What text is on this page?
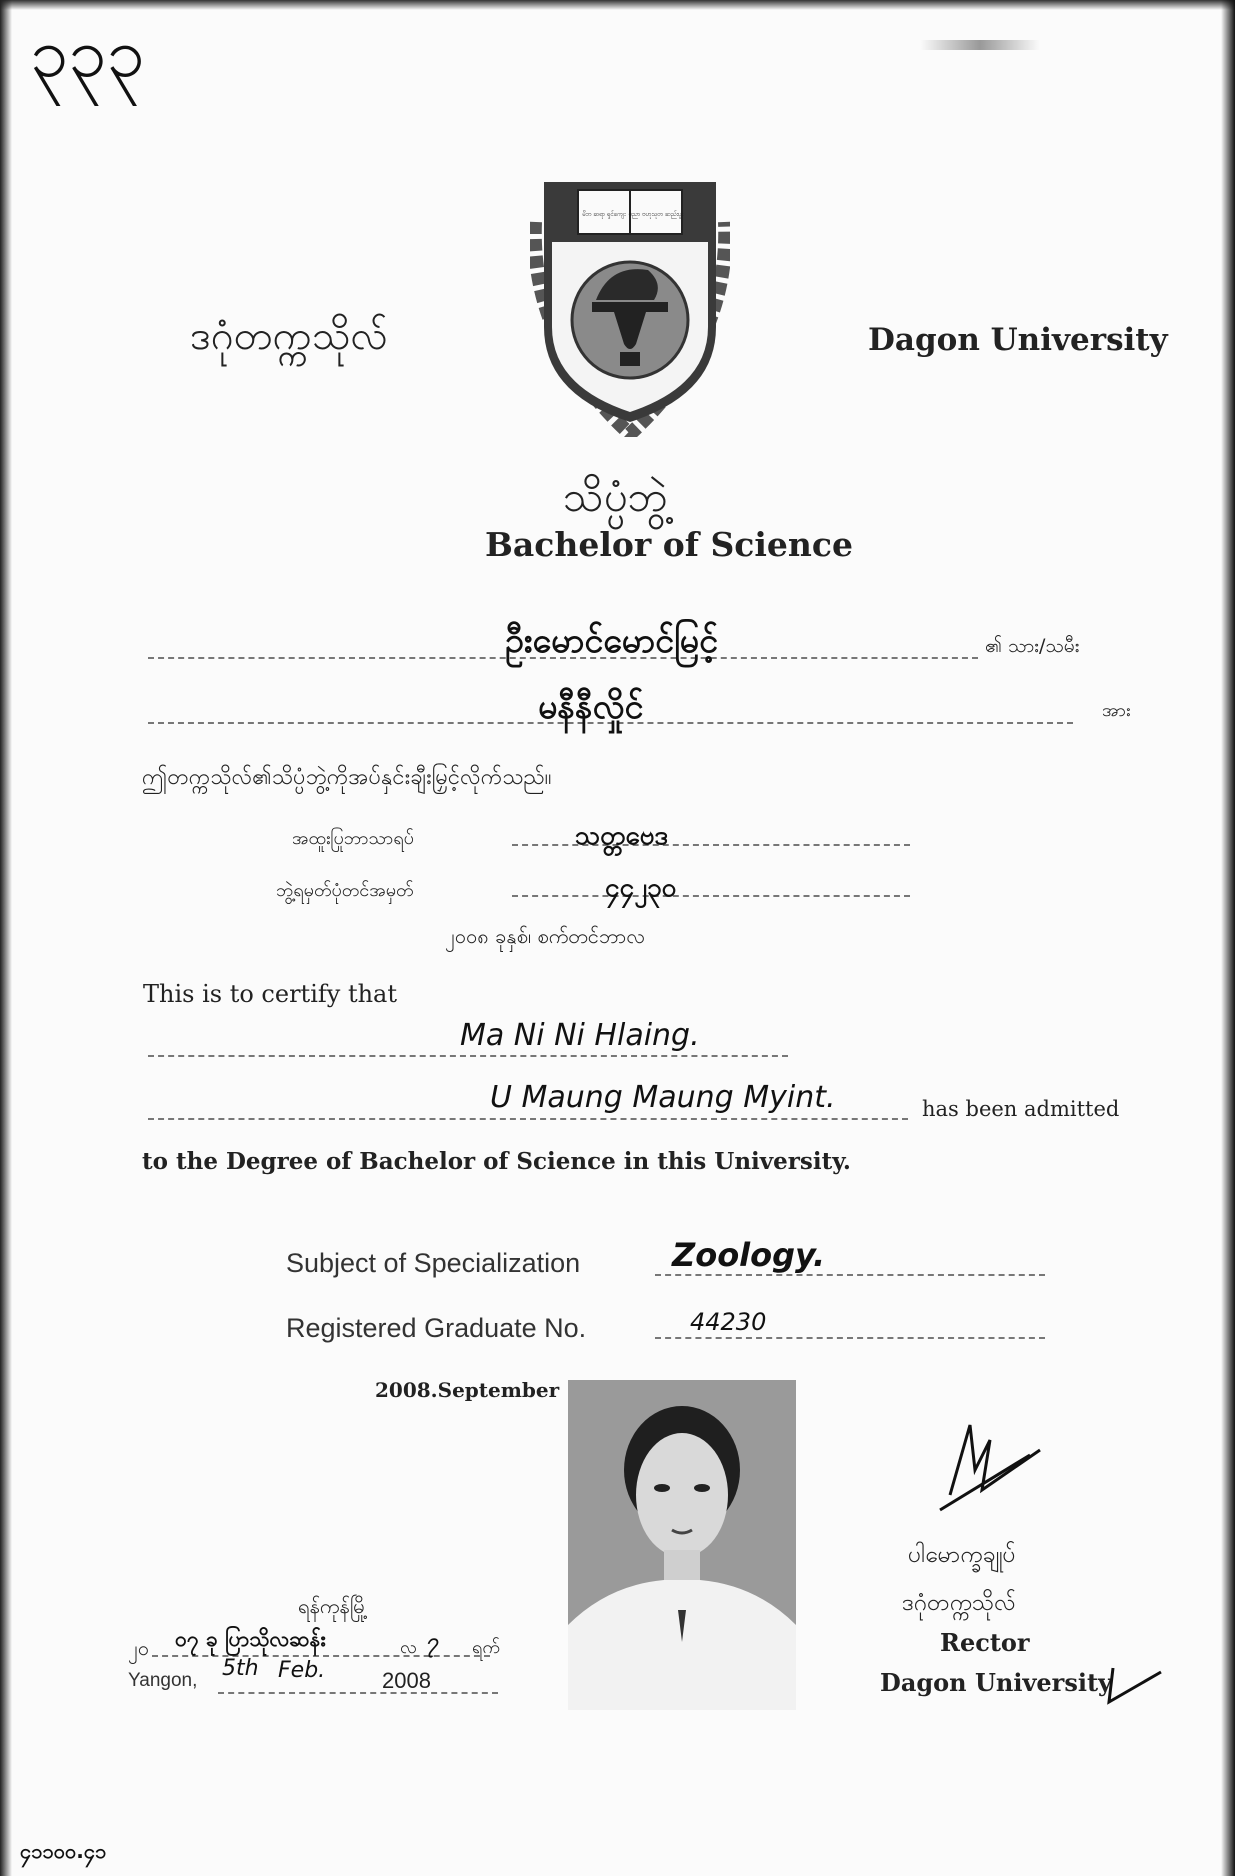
၃၃၃
ဒဂုံတက္ကသိုလ်	Dagon University
မိဘ ဆရာ ရှင်ကျေး ပညာ ဗဟုသုတ ဆည်းပူး
သိပ္ပံဘွဲ့
Bachelor of Science
ဦးမောင်မောင်မြင့်	၏ သား/သမီး
မနီနီလှိုင်	အား
ဤတက္ကသိုလ်၏သိပ္ပံဘွဲ့ကိုအပ်နှင်းချီးမြှင့်လိုက်သည်။
အထူးပြုဘာသာရပ်	သတ္တဗေဒ
ဘွဲ့ရမှတ်ပုံတင်အမှတ်	၄၄၂၃၀
၂၀၀၈ ခုနှစ်၊ စက်တင်ဘာလ
This is to certify that
Ma Ni Ni Hlaing.
U Maung Maung Myint.	has been admitted
to the Degree of Bachelor of Science in this University.
Subject of Specialization	Zoology.
Registered Graduate No.	44230
2008.September
ရန်ကုန်မြို့
၂၀ ၀၇ ခု ပြာသိုလဆန်း	လ ၇ ရက်
Yangon, 5th Feb.	2008
ပါမောက္ခချုပ်
ဒဂုံတက္ကသိုလ်
Rector
Dagon University
၄၁၁၀၀.၄၁
